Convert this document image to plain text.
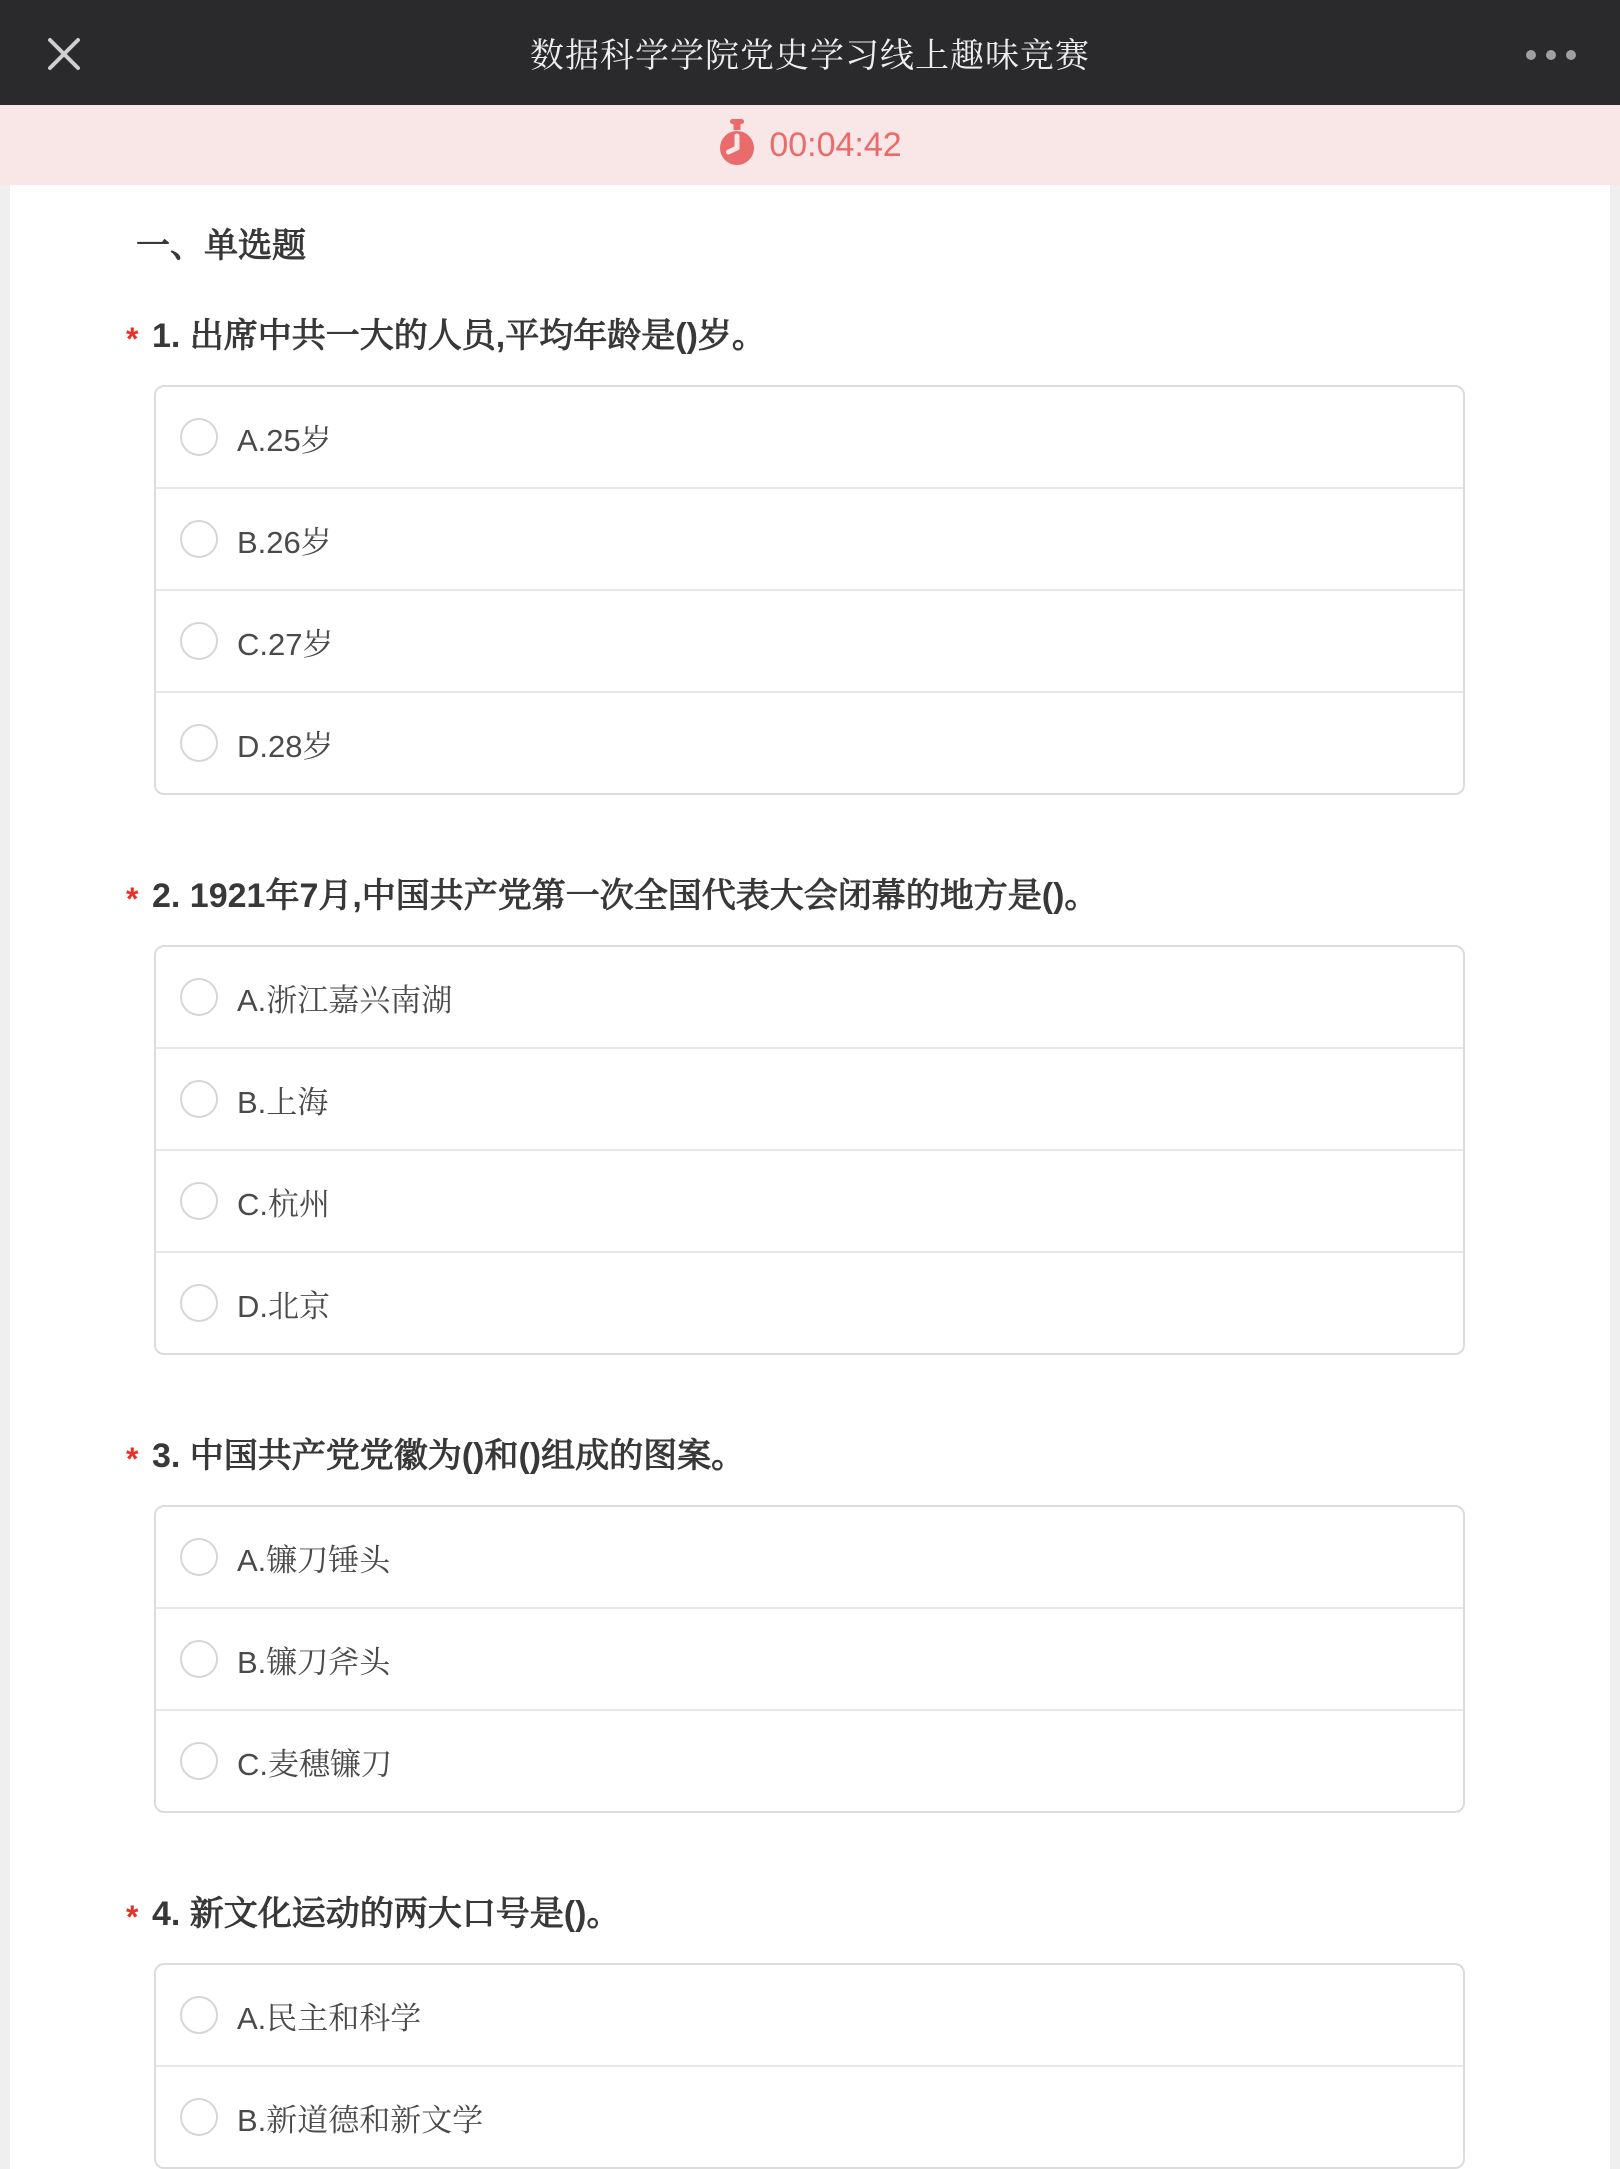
数据科学学院党史学习线上趣味竞赛
00:04:42
一、单选题
* 1. 出席中共一大的人员,平均年龄是()岁。
A.25岁
B.26岁
C.27岁
D.28岁
* 2. 1921年7月,中国共产党第一次全国代表大会闭幕的地方是()。
A.浙江嘉兴南湖
B.上海
C.杭州
D.北京
* 3. 中国共产党党徽为()和()组成的图案。
A.镰刀锤头
B.镰刀斧头
C.麦穗镰刀
* 4. 新文化运动的两大口号是()。
A.民主和科学
B.新道德和新文学
